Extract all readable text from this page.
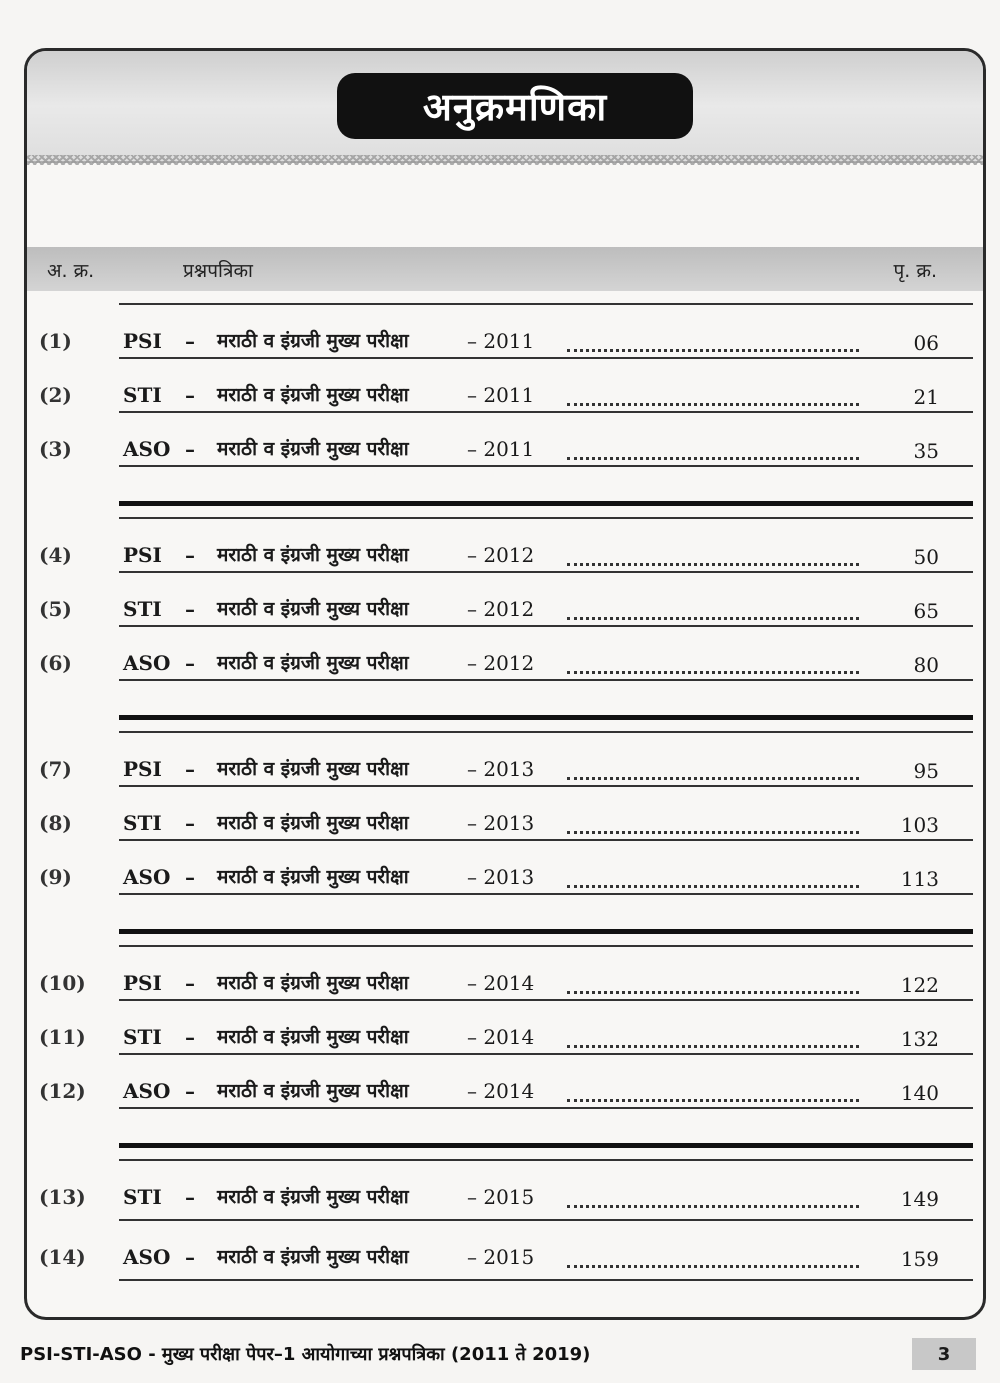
अनुक्रमणिका
अ. क्र.	प्रश्नपत्रिका	पृ. क्र.
(1)	PSI	– मराठी व इंग्रजी मुख्य परीक्षा	– 2011	06
(2)	STI	– मराठी व इंग्रजी मुख्य परीक्षा	– 2011	21
(3)	ASO – मराठी व इंग्रजी मुख्य परीक्षा	– 2011	35
(4)	PSI	– मराठी व इंग्रजी मुख्य परीक्षा	– 2012	50
(5)	STI	– मराठी व इंग्रजी मुख्य परीक्षा	– 2012	65
(6)	ASO – मराठी व इंग्रजी मुख्य परीक्षा	– 2012	80
(7)	PSI	– मराठी व इंग्रजी मुख्य परीक्षा	– 2013	95
(8)	STI	– मराठी व इंग्रजी मुख्य परीक्षा	– 2013	103
(9)	ASO – मराठी व इंग्रजी मुख्य परीक्षा	– 2013	113
(10)	PSI	– मराठी व इंग्रजी मुख्य परीक्षा	– 2014	122
(11)	STI	– मराठी व इंग्रजी मुख्य परीक्षा	– 2014	132
(12)	ASO – मराठी व इंग्रजी मुख्य परीक्षा	– 2014	140
(13)	STI	– मराठी व इंग्रजी मुख्य परीक्षा	– 2015	149
(14)	ASO – मराठी व इंग्रजी मुख्य परीक्षा	– 2015	159
PSI-STI-ASO - मुख्य परीक्षा पेपर–1 आयोगाच्या प्रश्नपत्रिका (2011 ते 2019)	3
